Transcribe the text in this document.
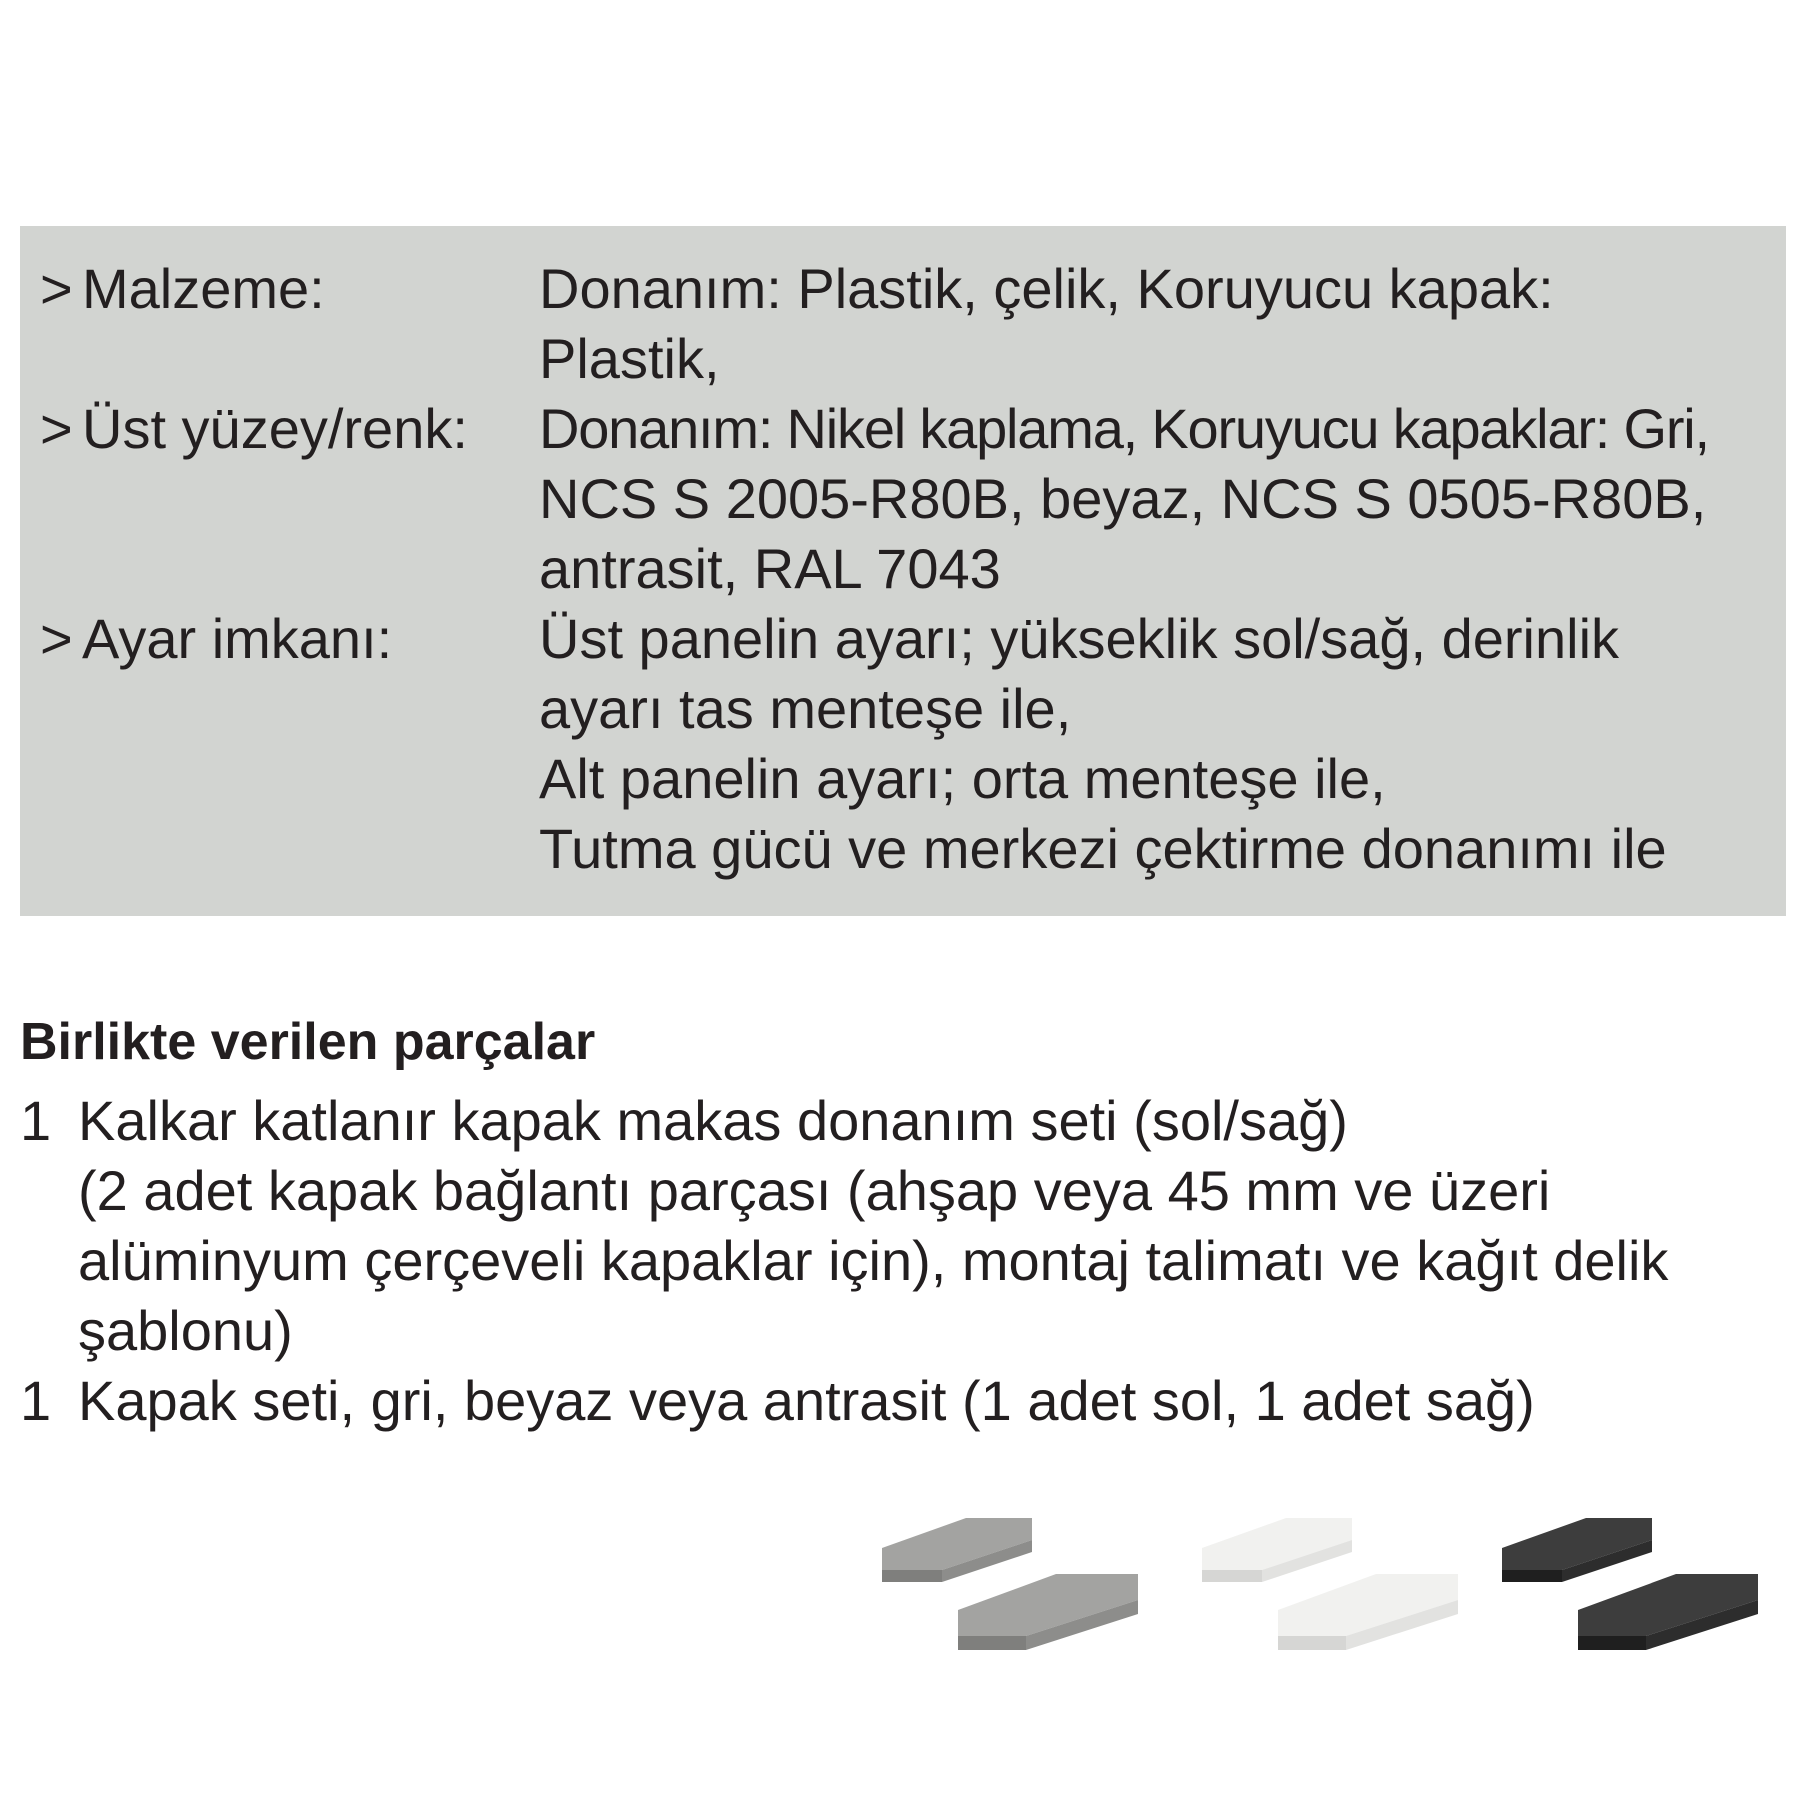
> Malzeme:	Donanım: Plastik, çelik, Koruyucu kapak:
Plastik,
> Üst yüzey/renk: Donanım: Nikel kaplama, Koruyucu kapaklar: Gri,
NCS S 2005-R80B, beyaz, NCS S 0505-R80B,
antrasit, RAL 7043
> Ayar imkanı:	Üst panelin ayarı; yükseklik sol/sağ, derinlik
ayarı tas menteşe ile,
Alt panelin ayarı; orta menteşe ile,
Tutma gücü ve merkezi çektirme donanımı ile
Birlikte verilen parçalar
1 Kalkar katlanır kapak makas donanım seti (sol/sağ)
(2 adet kapak bağlantı parçası (ahşap veya 45 mm ve üzeri
alüminyum çerçeveli kapaklar için), montaj talimatı ve kağıt delik
şablonu)
1 Kapak seti, gri, beyaz veya antrasit (1 adet sol, 1 adet sağ)
